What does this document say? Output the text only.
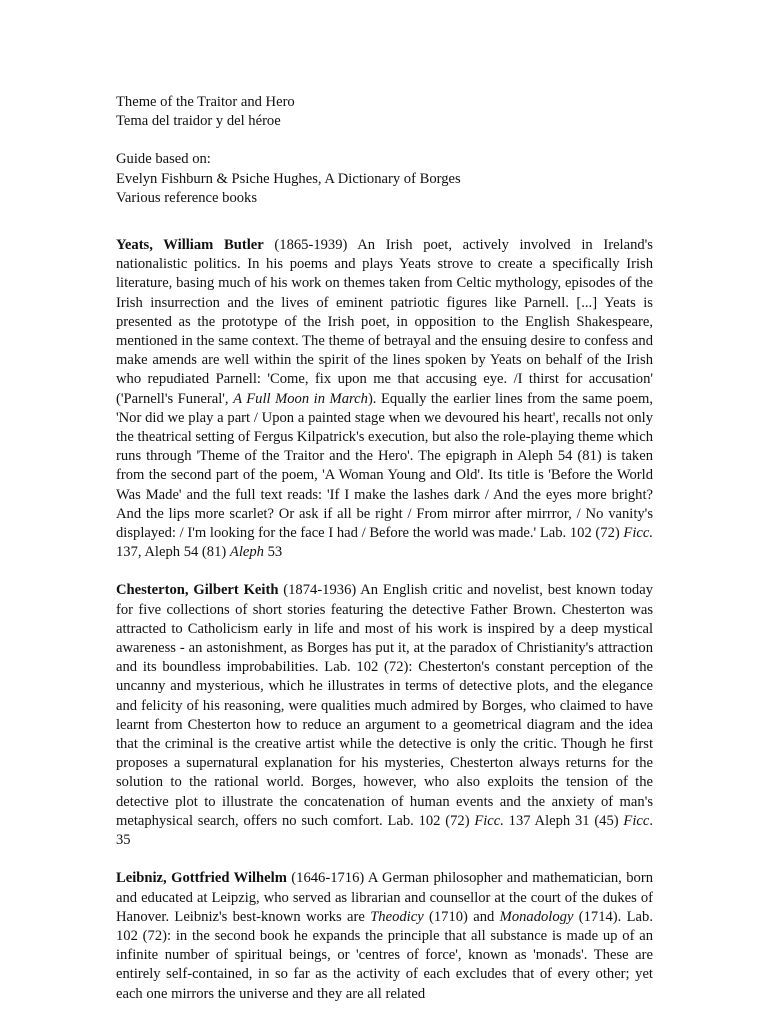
Theme of the Traitor and Hero

Tema del traidor y del héroe

Guide based on:

Evelyn Fishburn & Psiche Hughes, A Dictionary of Borges

Various reference books

Yeats, William Butler (1865-1939) An Irish poet, actively involved in Ireland's nationalistic politics. In his poems and plays Yeats strove to create a specifically Irish literature, basing much of his work on themes taken from Celtic mythology, episodes of the Irish insurrection and the lives of eminent patriotic figures like Parnell. [...] Yeats is presented as the prototype of the Irish poet, in opposition to the English Shakespeare, mentioned in the same context. The theme of betrayal and the ensuing desire to confess and make amends are well within the spirit of the lines spoken by Yeats on behalf of the Irish who repudiated Parnell: 'Come, fix upon me that accusing eye. /I thirst for accusation' ('Parnell's Funeral', A Full Moon in March). Equally the earlier lines from the same poem, 'Nor did we play a part / Upon a painted stage when we devoured his heart', recalls not only the theatrical setting of Fergus Kilpatrick's execution, but also the role-playing theme which runs through 'Theme of the Traitor and the Hero'. The epigraph in Aleph 54 (81) is taken from the second part of the poem, 'A Woman Young and Old'. Its title is 'Before the World Was Made' and the full text reads: 'If I make the lashes dark / And the eyes more bright? And the lips more scarlet? Or ask if all be right / From mirror after mirrror, / No vanity's displayed: / I'm looking for the face I had / Before the world was made.' Lab. 102 (72) Ficc. 137, Aleph 54 (81) Aleph 53

Chesterton, Gilbert Keith (1874-1936) An English critic and novelist, best known today for five collections of short stories featuring the detective Father Brown. Chesterton was attracted to Catholicism early in life and most of his work is inspired by a deep mystical awareness - an astonishment, as Borges has put it, at the paradox of Christianity's attraction and its boundless improbabilities. Lab. 102 (72): Chesterton's constant perception of the uncanny and mysterious, which he illustrates in terms of detective plots, and the elegance and felicity of his reasoning, were qualities much admired by Borges, who claimed to have learnt from Chesterton how to reduce an argument to a geometrical diagram and the idea that the criminal is the creative artist while the detective is only the critic. Though he first proposes a supernatural explanation for his mysteries, Chesterton always returns for the solution to the rational world. Borges, however, who also exploits the tension of the detective plot to illustrate the concatenation of human events and the anxiety of man's metaphysical search, offers no such comfort. Lab. 102 (72) Ficc. 137 Aleph 31 (45) Ficc. 35

Leibniz, Gottfried Wilhelm (1646-1716) A German philosopher and mathematician, born and educated at Leipzig, who served as librarian and counsellor at the court of the dukes of Hanover. Leibniz's best-known works are Theodicy (1710) and Monadology (1714). Lab. 102 (72): in the second book he expands the principle that all substance is made up of an infinite number of spiritual beings, or 'centres of force', known as 'monads'. These are entirely self-contained, in so far as the activity of each excludes that of every other; yet each one mirrors the universe and they are all related
